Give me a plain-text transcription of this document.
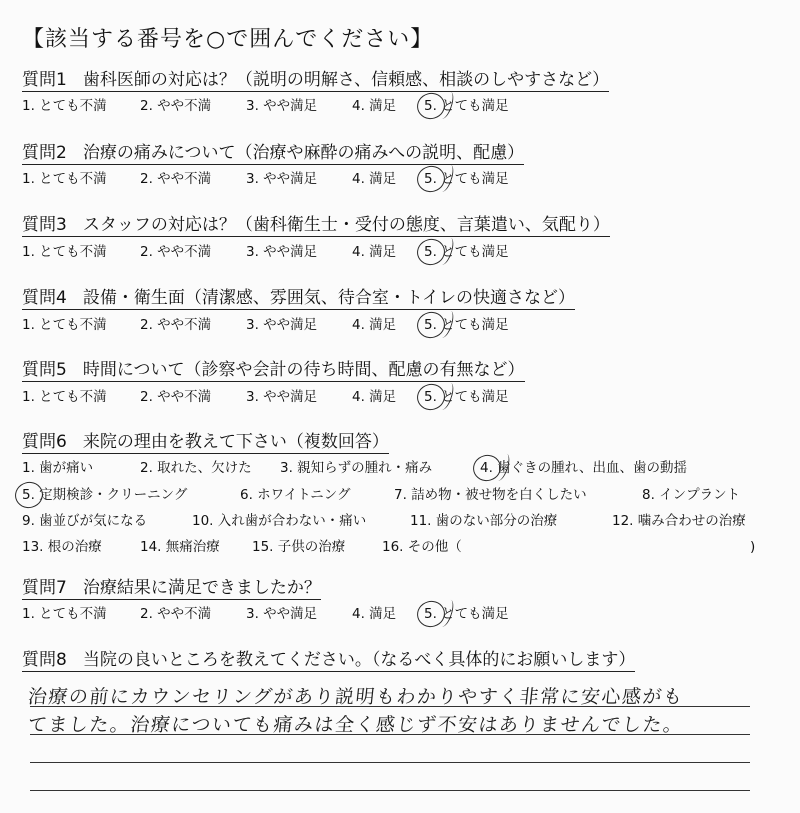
【該当する番号を○で囲んでください】
質問1 歯科医師の対応は？（説明の明解さ、信頼感、相談のしやすさなど）
1. とても不満 2. やや不満	3. やや満足	4. 満足 5. とても満足
質問2 治療の痛みについて（治療や麻酔の痛みへの説明、配慮）
1. とても不満 2. やや不満	3. やや満足	4. 満足 5. とても満足
質問3 スタッフの対応は？（歯科衛生士・受付の態度、言葉遣い、気配り）
1. とても不満 2. やや不満	3. やや満足	4. 満足 5. とても満足
質問4 設備・衛生面（清潔感、雰囲気、待合室・トイレの快適さなど）
1. とても不満 2. やや不満	3. やや満足	4. 満足 5. とても満足
質問5 時間について（診察や会計の待ち時間、配慮の有無など）
1. とても不満 2. やや不満	3. やや満足	4. 満足 5. とても満足
質問6 来院の理由を教えて下さい（複数回答）
1. 歯が痛い	2. 取れた、欠けた 3. 親知らずの腫れ・痛み	4. 歯ぐきの腫れ、出血、歯の動揺
5. 定期検診・クリーニング	6. ホワイトニング	7. 詰め物・被せ物を白くしたい	8. インプラント
9. 歯並びが気になる	10. 入れ歯が合わない・痛い	11. 歯のない部分の治療	12. 噛み合わせの治療
13. 根の治療	14. 無痛治療 15. 子供の治療	16. その他（	)
質問7 治療結果に満足できましたか？
1. とても不満 2. やや不満	3. やや満足	4. 満足 5. とても満足
質問8 当院の良いところを教えてください。（なるべく具体的にお願いします）
治療の前にカウンセリングがあり説明もわかりやすく非常に安心感がも
てました。治療についても痛みは全く感じず不安はありませんでした。
